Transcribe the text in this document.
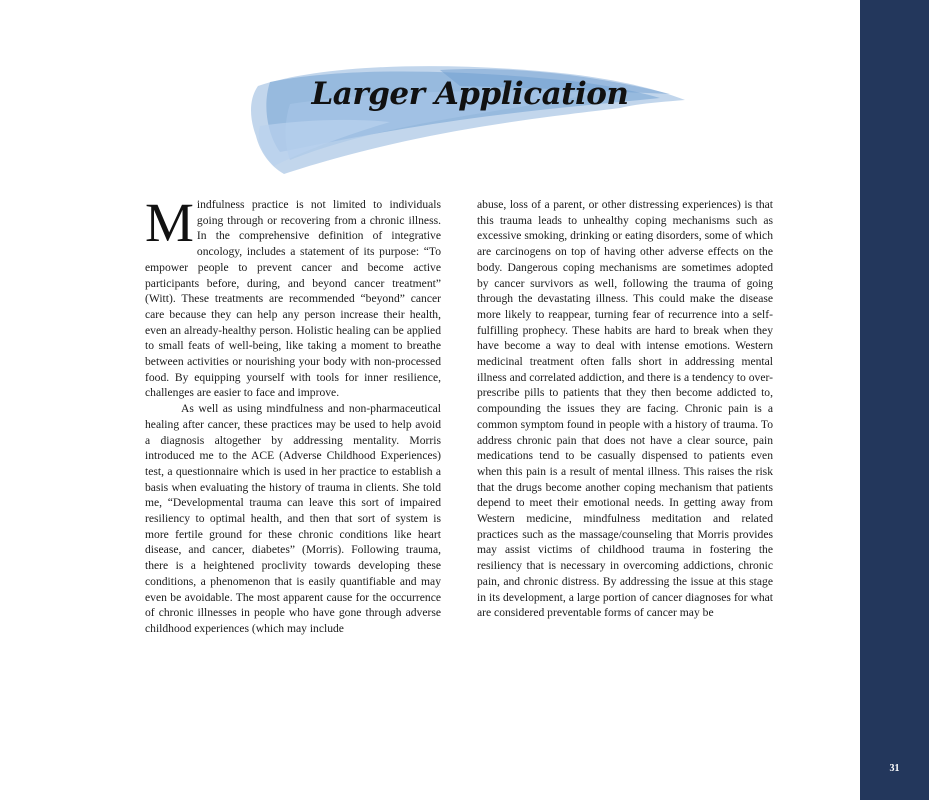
Larger Application

M indfulness practice is not limited to individuals going through or recovering from a chronic illness. In the comprehensive definition of integrative oncology, includes a statement of its purpose: “To empower people to prevent cancer and become active participants before, during, and beyond cancer treatment” (Witt). These treatments are recommended “beyond” cancer care because they can help any person increase their health, even an already-healthy person. Holistic healing can be applied to small feats of well-being, like taking a moment to breathe between activities or nourishing your body with non-processed food. By equipping yourself with tools for inner resilience, challenges are easier to face and improve.

As well as using mindfulness and non-pharmaceutical healing after cancer, these practices may be used to help avoid a diagnosis altogether by addressing mentality. Morris introduced me to the ACE (Adverse Childhood Experiences) test, a questionnaire which is used in her practice to establish a basis when evaluating the history of trauma in clients. She told me, “Developmental trauma can leave this sort of impaired resiliency to optimal health, and then that sort of system is more fertile ground for these chronic conditions like heart disease, and cancer, diabetes” (Morris). Following trauma, there is a heightened proclivity towards developing these conditions, a phenomenon that is easily quantifiable and may even be avoidable. The most apparent cause for the occurrence of chronic illnesses in people who have gone through adverse childhood experiences (which may include

abuse, loss of a parent, or other distressing experiences) is that this trauma leads to unhealthy coping mechanisms such as excessive smoking, drinking or eating disorders, some of which are carcinogens on top of having other adverse effects on the body. Dangerous coping mechanisms are sometimes adopted by cancer survivors as well, following the trauma of going through the devastating illness. This could make the disease more likely to reappear, turning fear of recurrence into a self-fulfilling prophecy. These habits are hard to break when they have become a way to deal with intense emotions. Western medicinal treatment often falls short in addressing mental illness and correlated addiction, and there is a tendency to over-prescribe pills to patients that they then become addicted to, compounding the issues they are facing. Chronic pain is a common symptom found in people with a history of trauma. To address chronic pain that does not have a clear source, pain medications tend to be casually dispensed to patients even when this pain is a result of mental illness. This raises the risk that the drugs become another coping mechanism that patients depend to meet their emotional needs. In getting away from Western medicine, mindfulness meditation and related practices such as the massage/counseling that Morris provides may assist victims of childhood trauma in fostering the resiliency that is necessary in overcoming addictions, chronic pain, and chronic distress. By addressing the issue at this stage in its development, a large portion of cancer diagnoses for what are considered preventable forms of cancer may be

31
